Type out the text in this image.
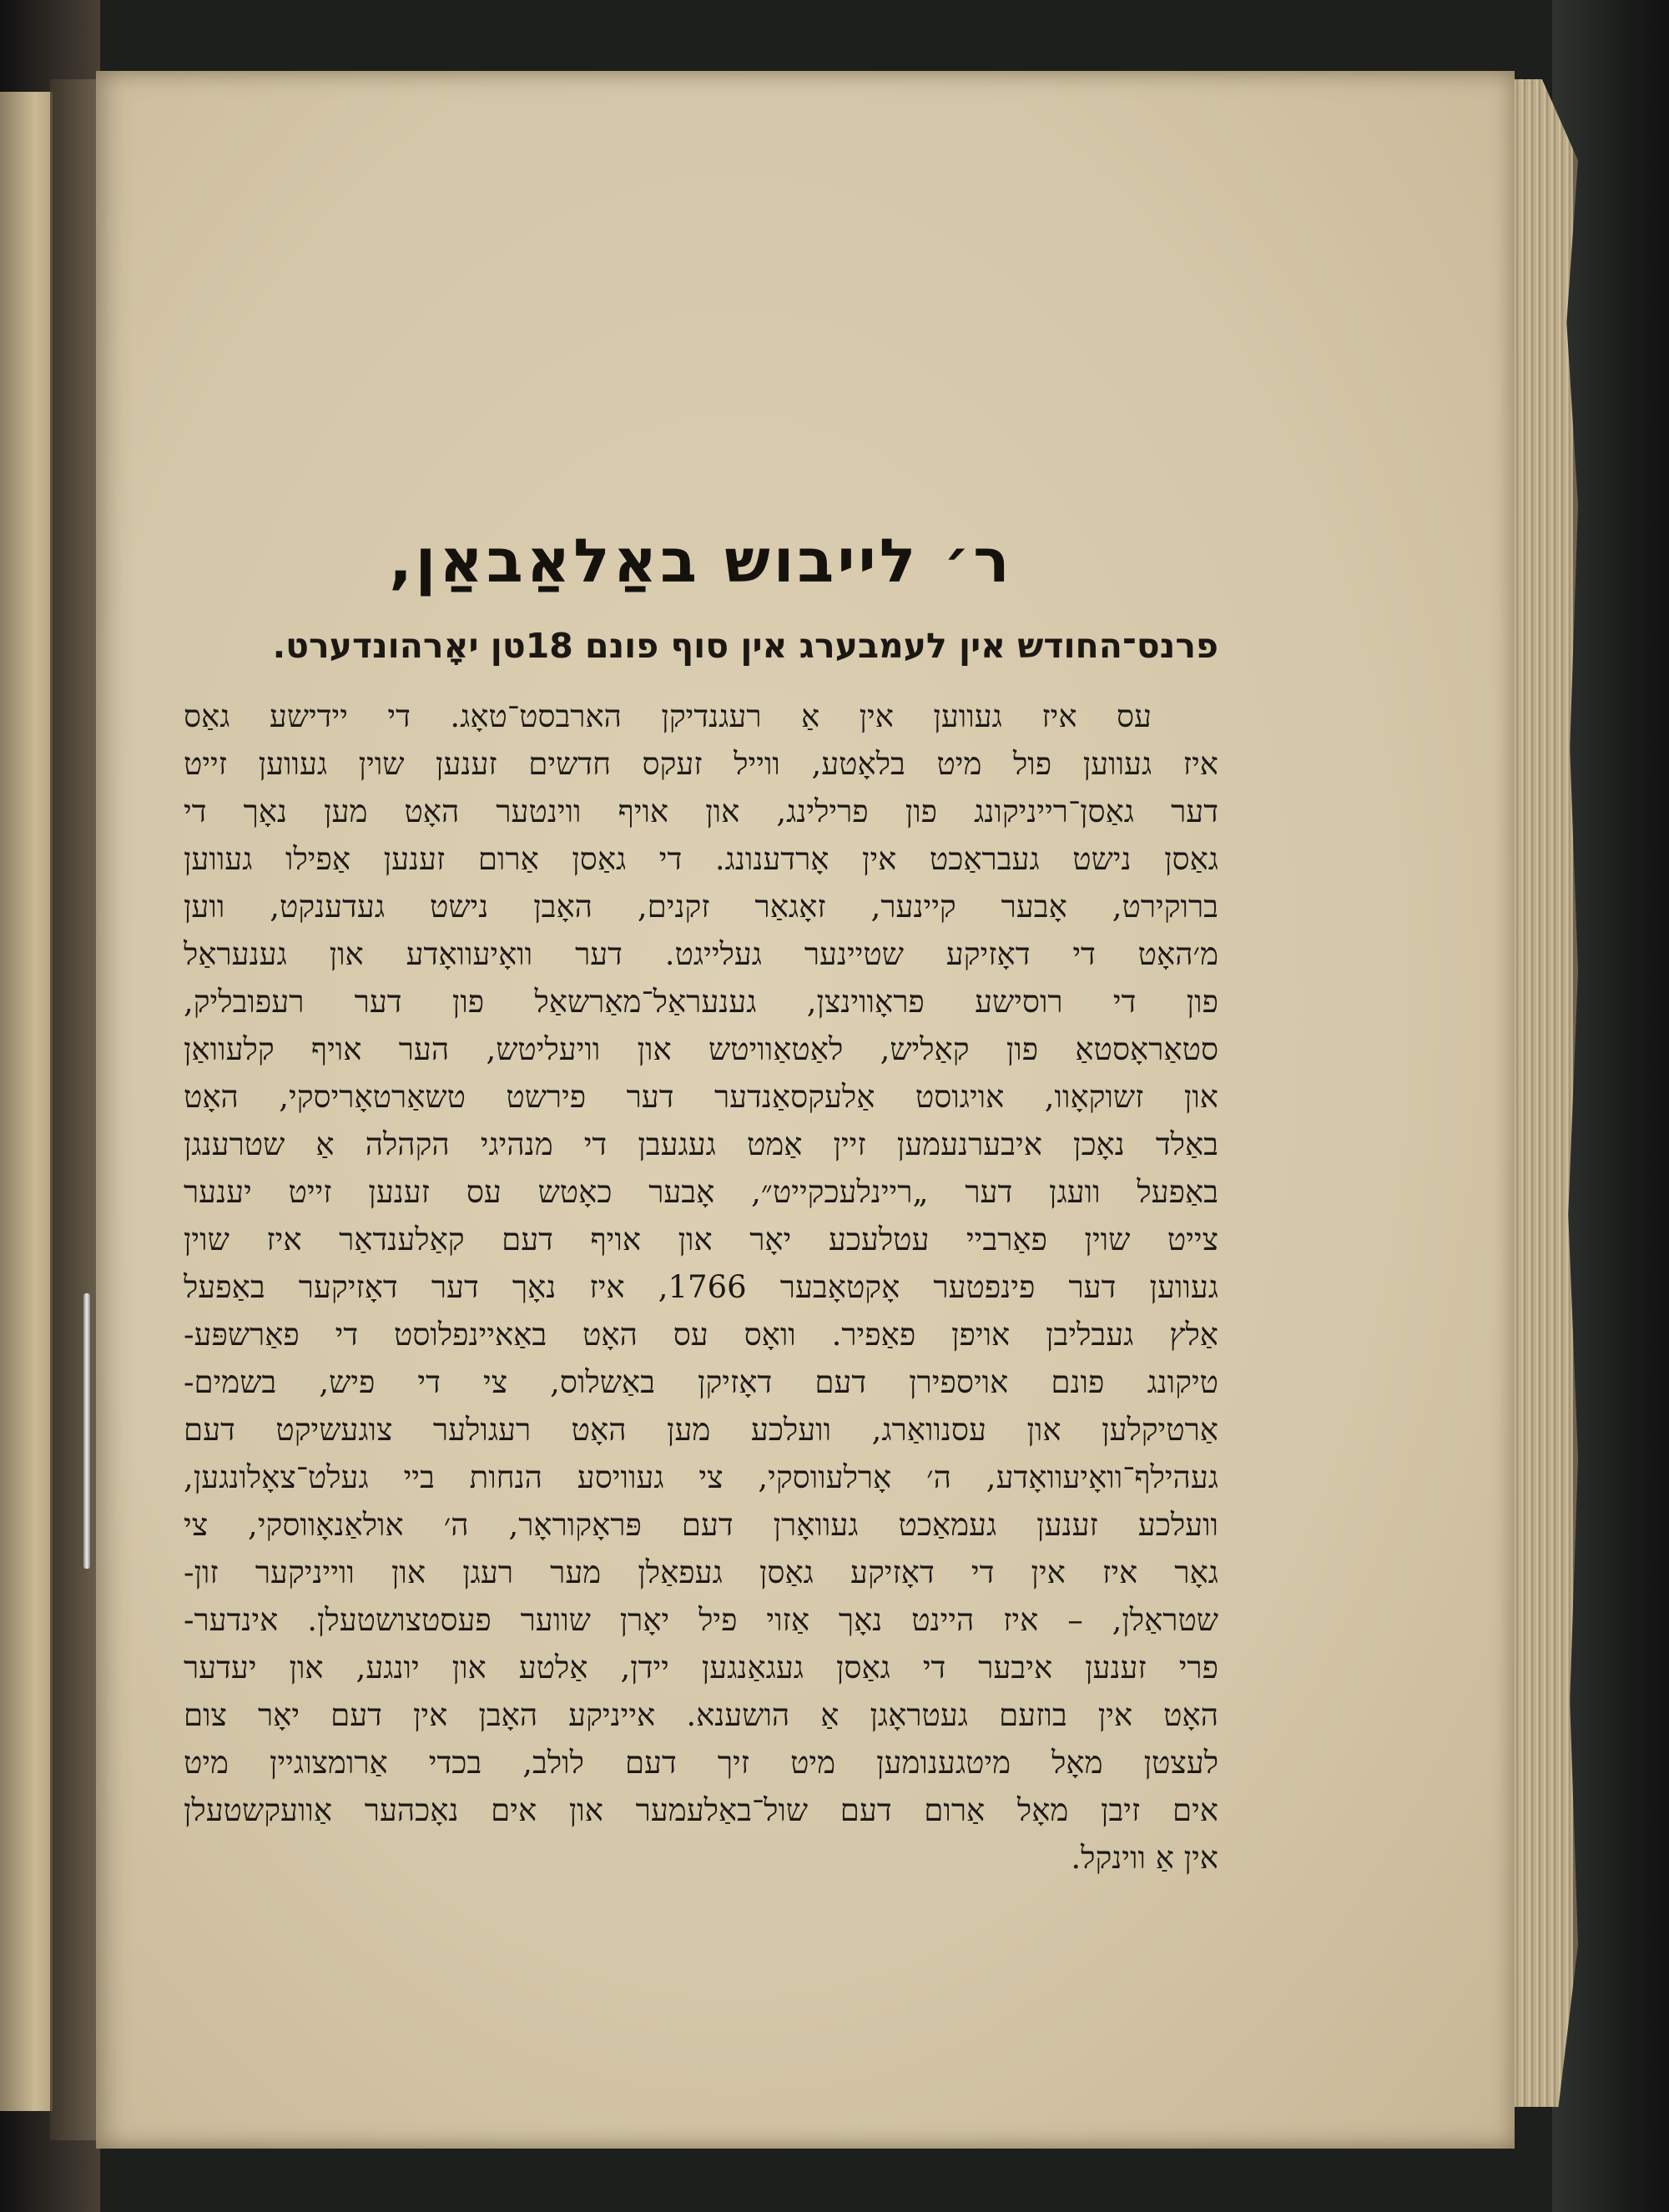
ר׳ לייבוש באַלאַבאַן,
פרנס־החודש אין לעמבערג אין סוף פונם 18טן יאָרהונדערט.
עס איז געווען אין אַ רעגנדיקן הארבסט־טאָג. די יידישע גאַס
איז געווען פול מיט בלאָטע, ווייל זעקס חדשים זענען שוין געווען זייט
דער גאַסן־רייניקונג פון פרילינג, און אויף ווינטער האָט מען נאָך די
גאַסן נישט געבראַכט אין אָרדענונג. די גאַסן אַרום זענען אַפילו געווען
ברוקירט, אָבער קיינער, זאָגאַר זקנים, האָבן נישט געדענקט, ווען
מ׳האָט די דאָזיקע שטיינער געלייגט. דער וואָיעוואָדע און גענעראַל
פון די רוסישע פראָווינצן, גענעראַל־מאַרשאַל פון דער רעפובליק,
סטאַראָסטאַ פון קאַליש, לאַטאַוויטש און וויעליטש, הער אויף קלעוואַן
און זשוקאָוו, אויגוסט אַלעקסאַנדער דער פירשט טשאַרטאָריסקי, האָט
באַלד נאָכן איבערנעמען זיין אַמט געגעבן די מנהיגי הקהלה אַ שטרענגן
באַפעל וועגן דער „ריינלעכקייט״, אָבער כאָטש עס זענען זייט יענער
צייט שוין פאַרביי עטלעכע יאָר און אויף דעם קאַלענדאַר איז שוין
געווען דער פינפטער אָקטאָבער 1766, איז נאָך דער דאָזיקער באַפעל
אַלץ געבליבן אויפן פאַפיר. וואָס עס האָט באַאיינפלוסט די פאַרשפּע-
טיקונג פונם אויספירן דעם דאָזיקן באַשלוס, צי די פיש, בשמים-
אַרטיקלען און עסנוואַרג, וועלכע מען האָט רעגולער צוגעשיקט דעם
געהילף־וואָיעוואָדע, ה׳ אָרלעווסקי, צי געוויסע הנחות ביי געלט־צאָלונגען,
וועלכע זענען געמאַכט געוואָרן דעם פּראָקוראָר, ה׳ אולאַנאָווסקי, צי
גאָר איז אין די דאָזיקע גאַסן געפאַלן מער רעגן און ווייניקער זון-
שטראַלן, – איז היינט נאָך אַזוי פיל יאָרן שווער פעסטצושטעלן. אינדער-
פרי זענען איבער די גאַסן געגאַנגען יידן, אַלטע און יונגע, און יעדער
האָט אין בוזעם געטראָגן אַ הושענא. אייניקע האָבן אין דעם יאָר צום
לעצטן מאָל מיטגענומען מיט זיך דעם לולב, בכדי אַרומצוגיין מיט
אים זיבן מאָל אַרום דעם שול־באַלעמער און אים נאָכהער אַוועקשטעלן
אין אַ ווינקל.
